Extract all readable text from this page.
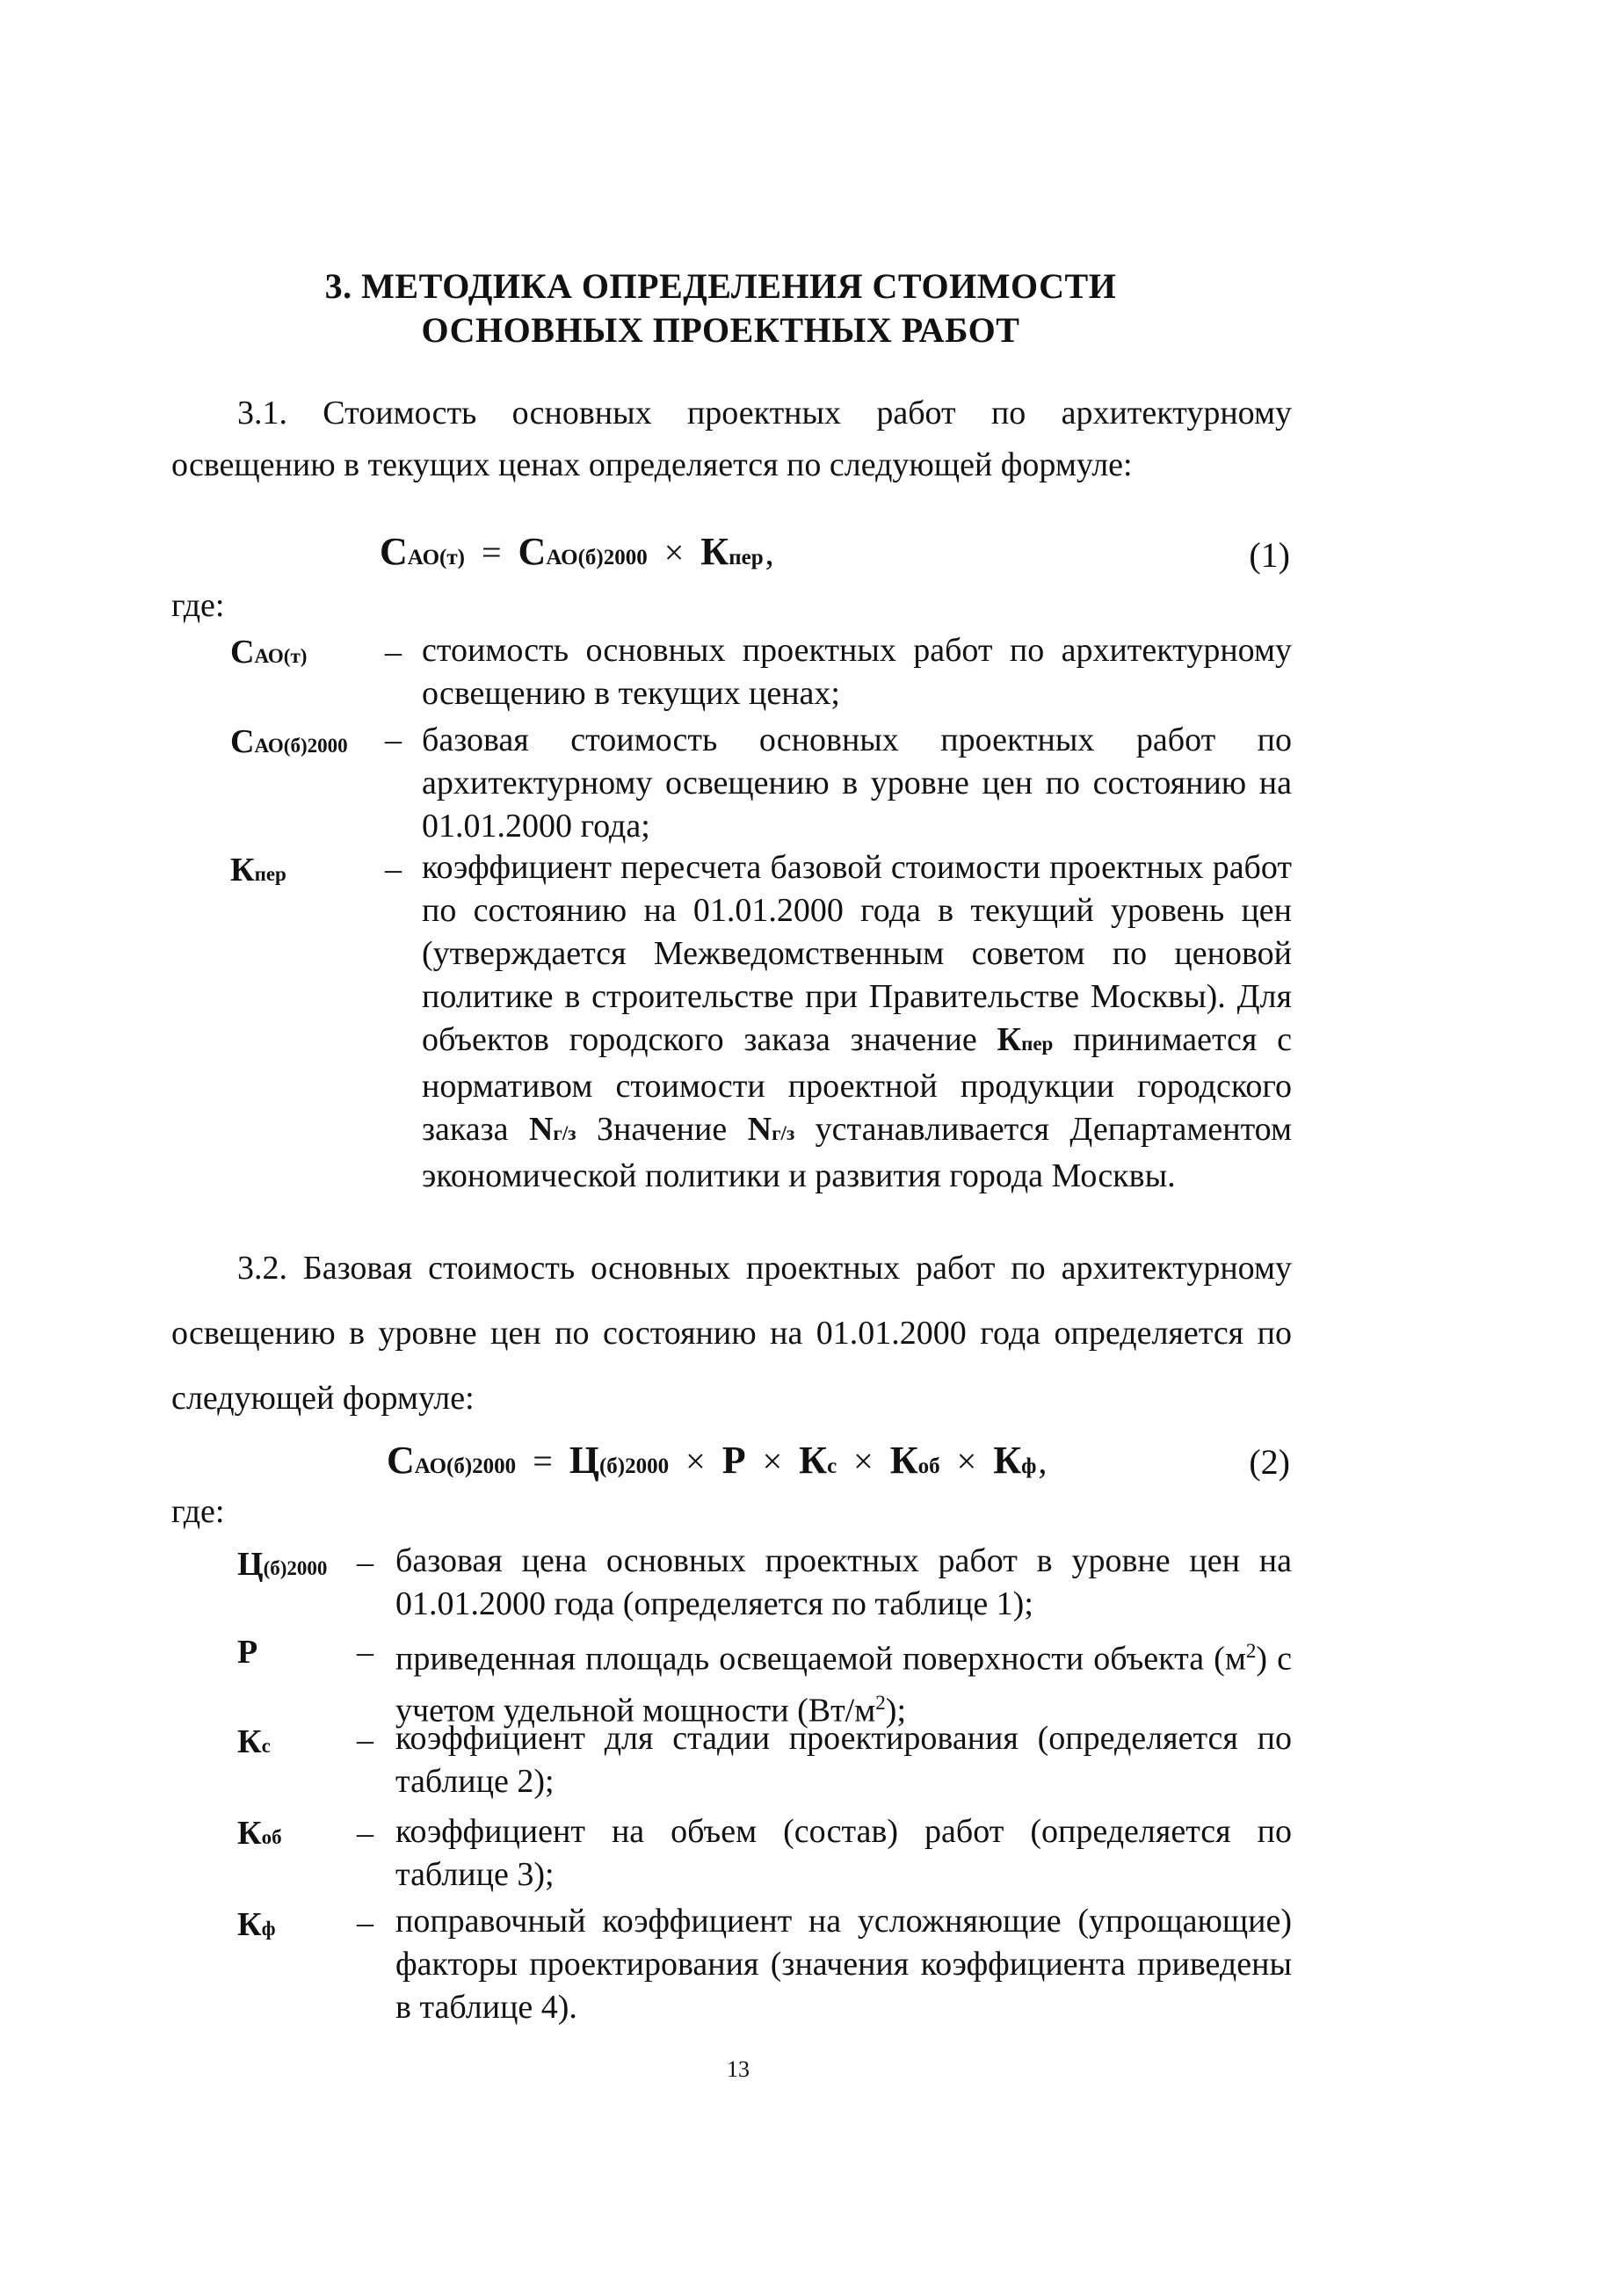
3. МЕТОДИКА ОПРЕДЕЛЕНИЯ СТОИМОСТИ
ОСНОВНЫХ ПРОЕКТНЫХ РАБОТ
3.1. Стоимость основных проектных работ по архитектурному освещению в текущих ценах определяется по следующей формуле:
САО(т) = САО(б)2000 × Кпер,	(1)
где:
САО(т) – стоимость основных проектных работ по архитектурному освещению в текущих ценах;
САО(б)2000 – базовая стоимость основных проектных работ по архитектурному освещению в уровне цен по состоянию на 01.01.2000 года;
Кпер	– коэффициент пересчета базовой стоимости проектных работ по состоянию на 01.01.2000 года в текущий уровень цен (утверждается Межведомственным советом по ценовой политике в строительстве при Правительстве Москвы). Для объектов городского заказа значение Кпер принимается с нормативом стоимости проектной продукции городского заказа Nг/з Значение Nг/з устанавливается Департаментом экономической политики и развития города Москвы.
3.2. Базовая стоимость основных проектных работ по архитектурному освещению в уровне цен по состоянию на 01.01.2000 года определяется по следующей формуле:
САО(б)2000 = Ц(б)2000 × Р × Кс × Коб × Кф,	(2)
где:
Ц(б)2000 – базовая цена основных проектных работ в уровне цен на 01.01.2000 года (определяется по таблице 1);
Р	– приведенная площадь освещаемой поверхности объекта $(м^2)$ с учетом удельной мощности $(Вт/м^2)$;
Кс	– коэффициент для стадии проектирования (определяется по таблице 2);
Коб – коэффициент на объем (состав) работ (определяется по таблице 3);
Кф – поправочный коэффициент на усложняющие (упрощающие) факторы проектирования (значения коэффициента приведены в таблице 4).
13
